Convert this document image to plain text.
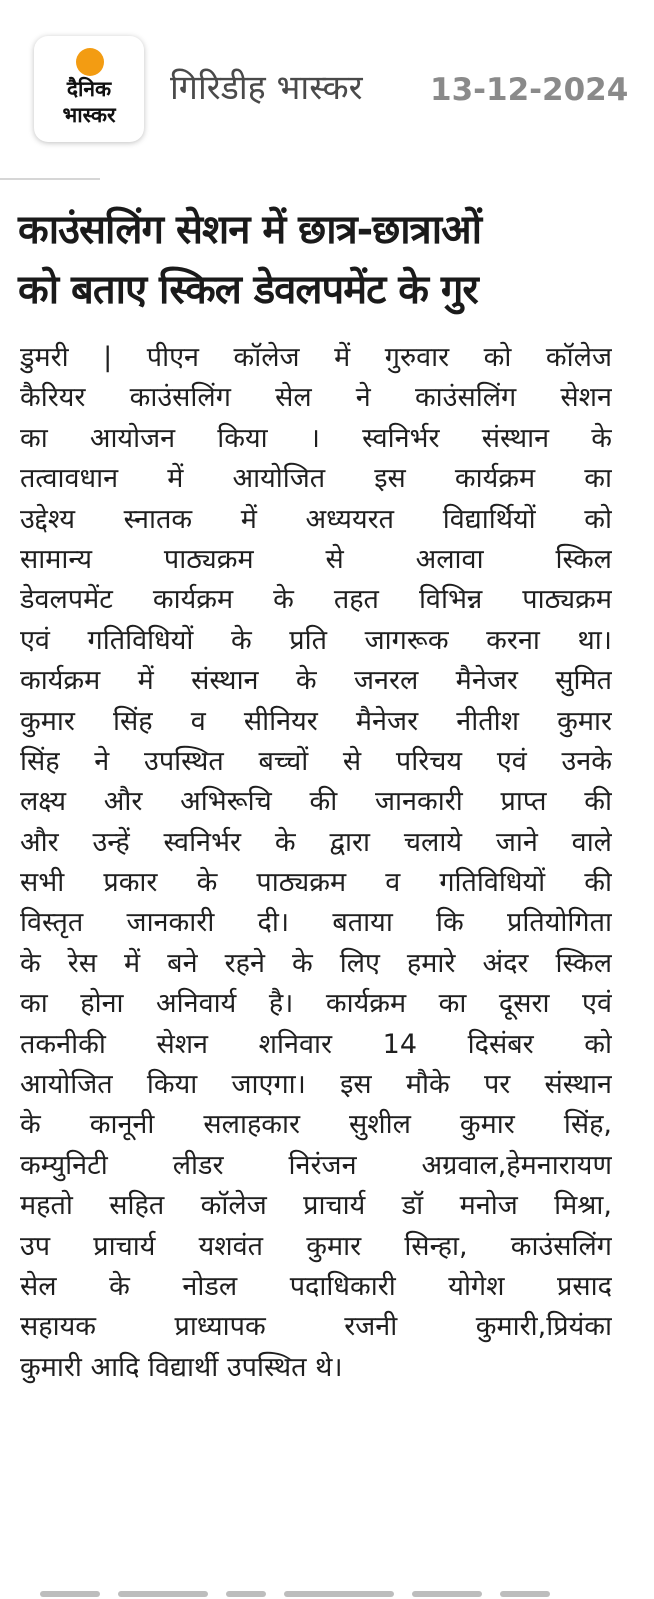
दैनिक
भास्कर
गिरिडीह भास्कर 13-12-2024
काउंसलिंग सेशन में छात्र-छात्राओं
को बताए स्किल डेवलपमेंट के गुर
डुमरी | पीएन कॉलेज में गुरुवार को कॉलेज
कैरियर काउंसलिंग सेल ने काउंसलिंग सेशन
का आयोजन किया । स्वनिर्भर संस्थान के
तत्वावधान में आयोजित इस कार्यक्रम का
उद्देश्य स्नातक में अध्ययरत विद्यार्थियों को
सामान्य पाठ्यक्रम से अलावा स्किल
डेवलपमेंट कार्यक्रम के तहत विभिन्न पाठ्यक्रम
एवं गतिविधियों के प्रति जागरूक करना था।
कार्यक्रम में संस्थान के जनरल मैनेजर सुमित
कुमार सिंह व सीनियर मैनेजर नीतीश कुमार
सिंह ने उपस्थित बच्चों से परिचय एवं उनके
लक्ष्य और अभिरूचि की जानकारी प्राप्त की
और उन्हें स्वनिर्भर के द्वारा चलाये जाने वाले
सभी प्रकार के पाठ्यक्रम व गतिविधियों की
विस्तृत जानकारी दी। बताया कि प्रतियोगिता
के रेस में बने रहने के लिए हमारे अंदर स्किल
का होना अनिवार्य है। कार्यक्रम का दूसरा एवं
तकनीकी सेशन शनिवार 14 दिसंबर को
आयोजित किया जाएगा। इस मौके पर संस्थान
के कानूनी सलाहकार सुशील कुमार सिंह,
कम्युनिटी लीडर निरंजन अग्रवाल,हेमनारायण
महतो सहित कॉलेज प्राचार्य डॉ मनोज मिश्रा,
उप प्राचार्य यशवंत कुमार सिन्हा, काउंसलिंग
सेल के नोडल पदाधिकारी योगेश प्रसाद
सहायक प्राध्यापक रजनी कुमारी,प्रियंका
कुमारी आदि विद्यार्थी उपस्थित थे।
